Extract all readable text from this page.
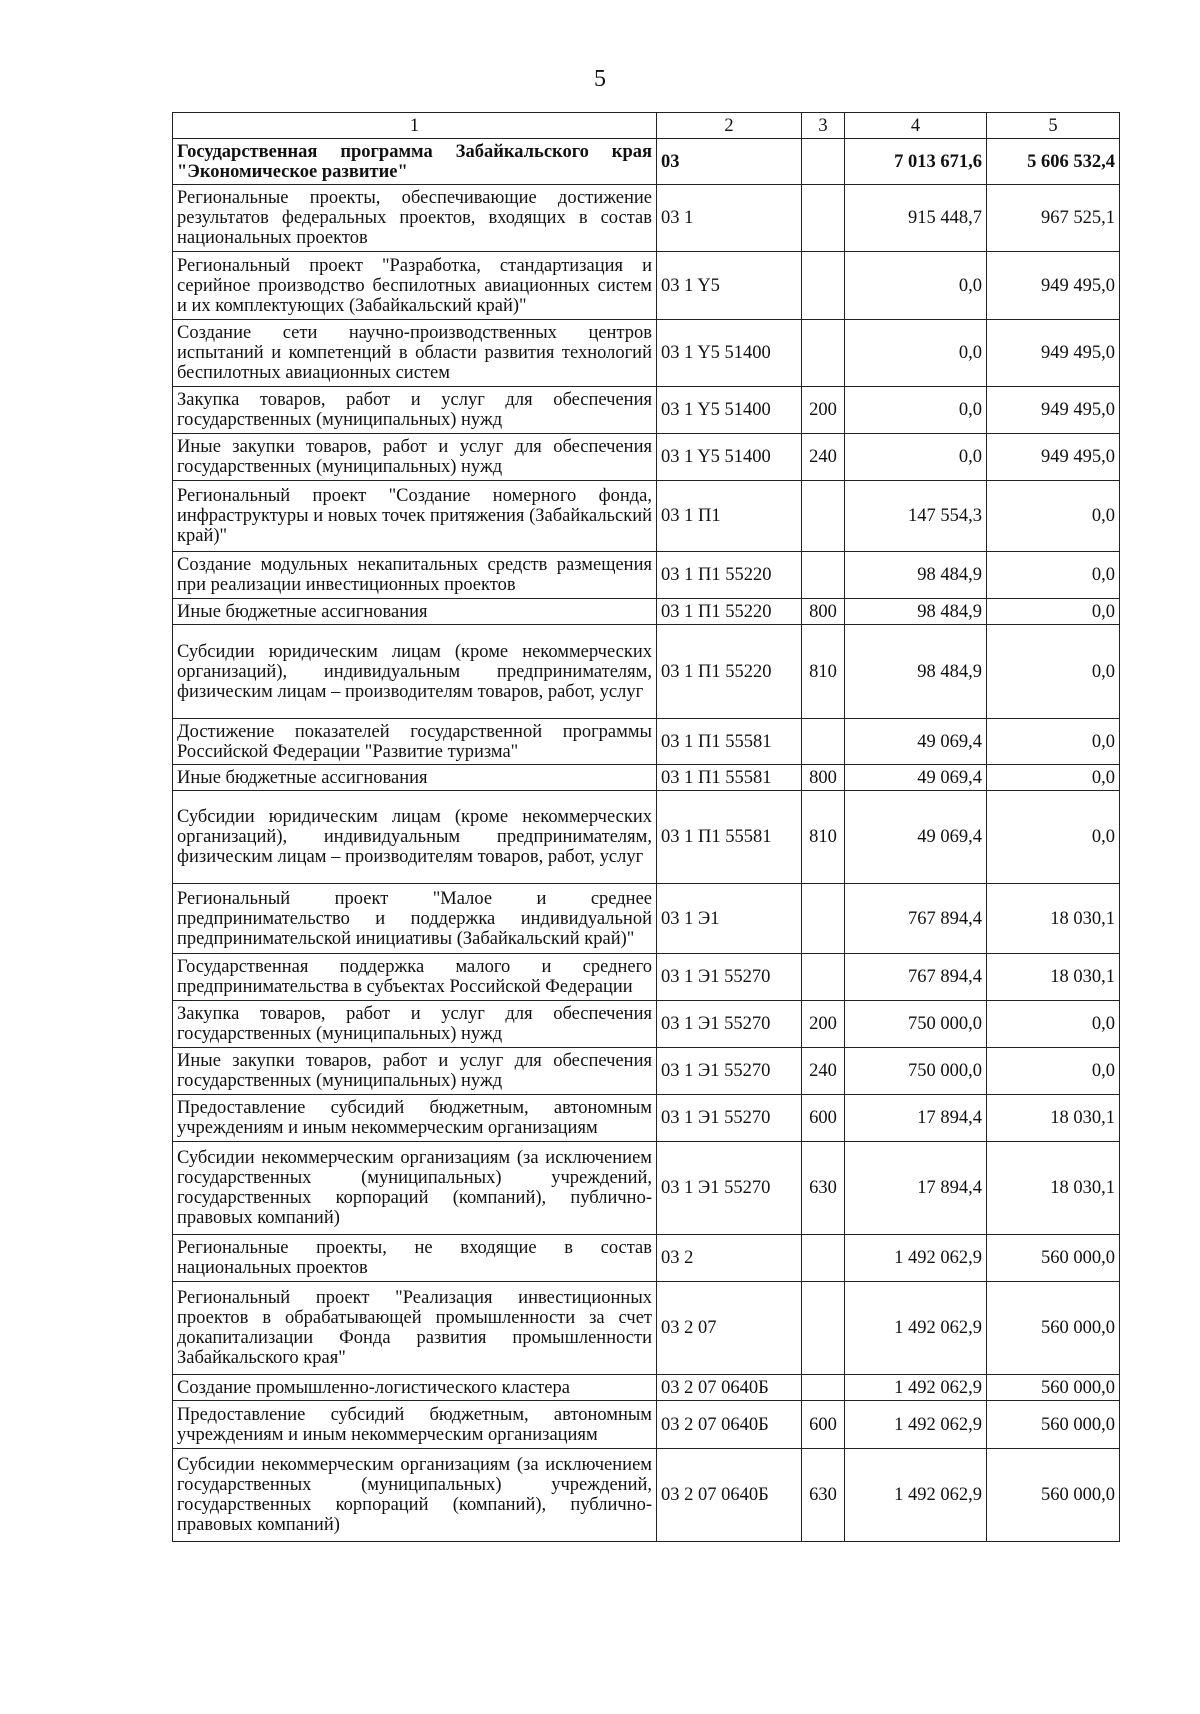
5
1	2	3	4	5
Государственная программа Забайкальского края "Экономическое развитие"	03		7 013 671,6	5 606 532,4
Региональные проекты, обеспечивающие достижение результатов федеральных проектов, входящих в состав национальных проектов	03 1		915 448,7	967 525,1
Региональный проект "Разработка, стандартизация и серийное производство беспилотных авиационных систем и их комплектующих (Забайкальский край)"	03 1 Y5		0,0	949 495,0
Создание сети научно-производственных центров испытаний и компетенций в области развития технологий беспилотных авиационных систем	03 1 Y5 51400		0,0	949 495,0
Закупка товаров, работ и услуг для обеспечения государственных (муниципальных) нужд	03 1 Y5 51400	200	0,0	949 495,0
Иные закупки товаров, работ и услуг для обеспечения государственных (муниципальных) нужд	03 1 Y5 51400	240	0,0	949 495,0
Региональный проект "Создание номерного фонда, инфраструктуры и новых точек притяжения (Забайкальский край)"	03 1 П1		147 554,3	0,0
Создание модульных некапитальных средств размещения при реализации инвестиционных проектов	03 1 П1 55220		98 484,9	0,0
Иные бюджетные ассигнования	03 1 П1 55220	800	98 484,9	0,0
Субсидии юридическим лицам (кроме некоммерческих организаций), индивидуальным предпринимателям, физическим лицам – производителям товаров, работ, услуг	03 1 П1 55220	810	98 484,9	0,0
Достижение показателей государственной программы Российской Федерации "Развитие туризма"	03 1 П1 55581		49 069,4	0,0
Иные бюджетные ассигнования	03 1 П1 55581	800	49 069,4	0,0
Субсидии юридическим лицам (кроме некоммерческих организаций), индивидуальным предпринимателям, физическим лицам – производителям товаров, работ, услуг	03 1 П1 55581	810	49 069,4	0,0
Региональный проект "Малое и среднее предпринимательство и поддержка индивидуальной предпринимательской инициативы (Забайкальский край)"	03 1 Э1		767 894,4	18 030,1
Государственная поддержка малого и среднего предпринимательства в субъектах Российской Федерации	03 1 Э1 55270		767 894,4	18 030,1
Закупка товаров, работ и услуг для обеспечения государственных (муниципальных) нужд	03 1 Э1 55270	200	750 000,0	0,0
Иные закупки товаров, работ и услуг для обеспечения государственных (муниципальных) нужд	03 1 Э1 55270	240	750 000,0	0,0
Предоставление субсидий бюджетным, автономным учреждениям и иным некоммерческим организациям	03 1 Э1 55270	600	17 894,4	18 030,1
Субсидии некоммерческим организациям (за исключением государственных (муниципальных) учреждений, государственных корпораций (компаний), публично-правовых компаний)	03 1 Э1 55270	630	17 894,4	18 030,1
Региональные проекты, не входящие в состав национальных проектов	03 2		1 492 062,9	560 000,0
Региональный проект "Реализация инвестиционных проектов в обрабатывающей промышленности за счет докапитализации Фонда развития промышленности Забайкальского края"	03 2 07		1 492 062,9	560 000,0
Создание промышленно-логистического кластера	03 2 07 0640Б		1 492 062,9	560 000,0
Предоставление субсидий бюджетным, автономным учреждениям и иным некоммерческим организациям	03 2 07 0640Б	600	1 492 062,9	560 000,0
Субсидии некоммерческим организациям (за исключением государственных (муниципальных) учреждений, государственных корпораций (компаний), публично-правовых компаний)	03 2 07 0640Б	630	1 492 062,9	560 000,0
